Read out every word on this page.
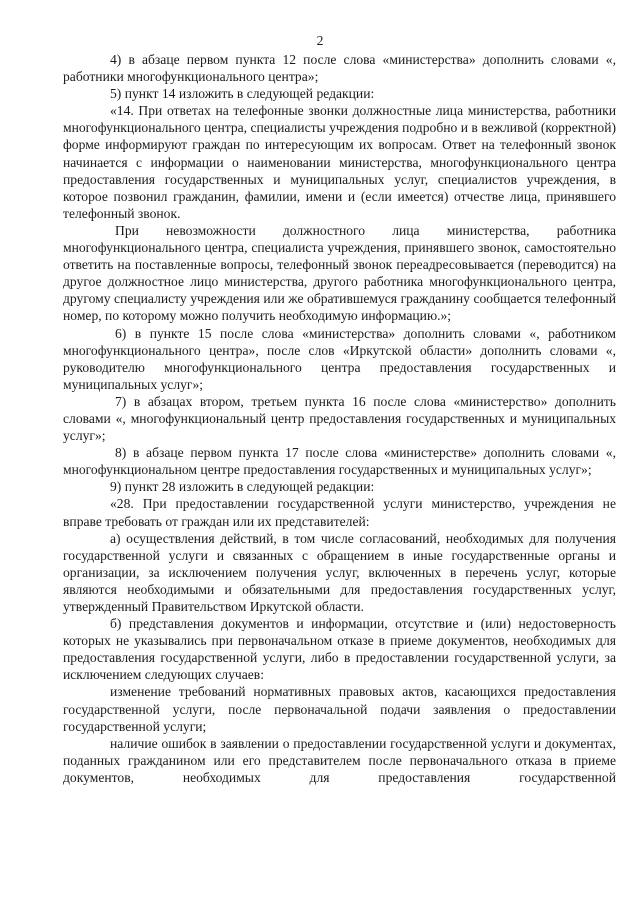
2

4) в абзаце первом пункта 12 после слова «министерства» дополнить словами «, работники многофункционального центра»;

5) пункт 14 изложить в следующей редакции:

«14. При ответах на телефонные звонки должностные лица министерства, работники многофункционального центра, специалисты учреждения подробно и в вежливой (корректной) форме информируют граждан по интересующим их вопросам. Ответ на телефонный звонок начинается с информации о наименовании министерства, многофункционального центра предоставления государственных и муниципальных услуг, специалистов учреждения, в которое позвонил гражданин, фамилии, имени и (если имеется) отчестве лица, принявшего телефонный звонок.

При невозможности должностного лица министерства, работника многофункционального центра, специалиста учреждения, принявшего звонок, самостоятельно ответить на поставленные вопросы, телефонный звонок переадресовывается (переводится) на другое должностное лицо министерства, другого работника многофункционального центра, другому специалисту учреждения или же обратившемуся гражданину сообщается телефонный номер, по которому можно получить необходимую информацию.»;

6) в пункте 15 после слова «министерства» дополнить словами «, работником многофункционального центра», после слов «Иркутской области» дополнить словами «, руководителю многофункционального центра предоставления государственных и муниципальных услуг»;

7) в абзацах втором, третьем пункта 16 после слова «министерство» дополнить словами «, многофункциональный центр предоставления государственных и муниципальных услуг»;

8) в абзаце первом пункта 17 после слова «министерстве» дополнить словами «, многофункциональном центре предоставления государственных и муниципальных услуг»;

9) пункт 28 изложить в следующей редакции:

«28. При предоставлении государственной услуги министерство, учреждения не вправе требовать от граждан или их представителей:

а) осуществления действий, в том числе согласований, необходимых для получения государственной услуги и связанных с обращением в иные государственные органы и организации, за исключением получения услуг, включенных в перечень услуг, которые являются необходимыми и обязательными для предоставления государственных услуг, утвержденный Правительством Иркутской области.

б) представления документов и информации, отсутствие и (или) недостоверность которых не указывались при первоначальном отказе в приеме документов, необходимых для предоставления государственной услуги, либо в предоставлении государственной услуги, за исключением следующих случаев:

изменение требований нормативных правовых актов, касающихся предоставления государственной услуги, после первоначальной подачи заявления о предоставлении государственной услуги;

наличие ошибок в заявлении о предоставлении государственной услуги и документах, поданных гражданином или его представителем после первоначального отказа в приеме документов, необходимых для предоставления государственной
